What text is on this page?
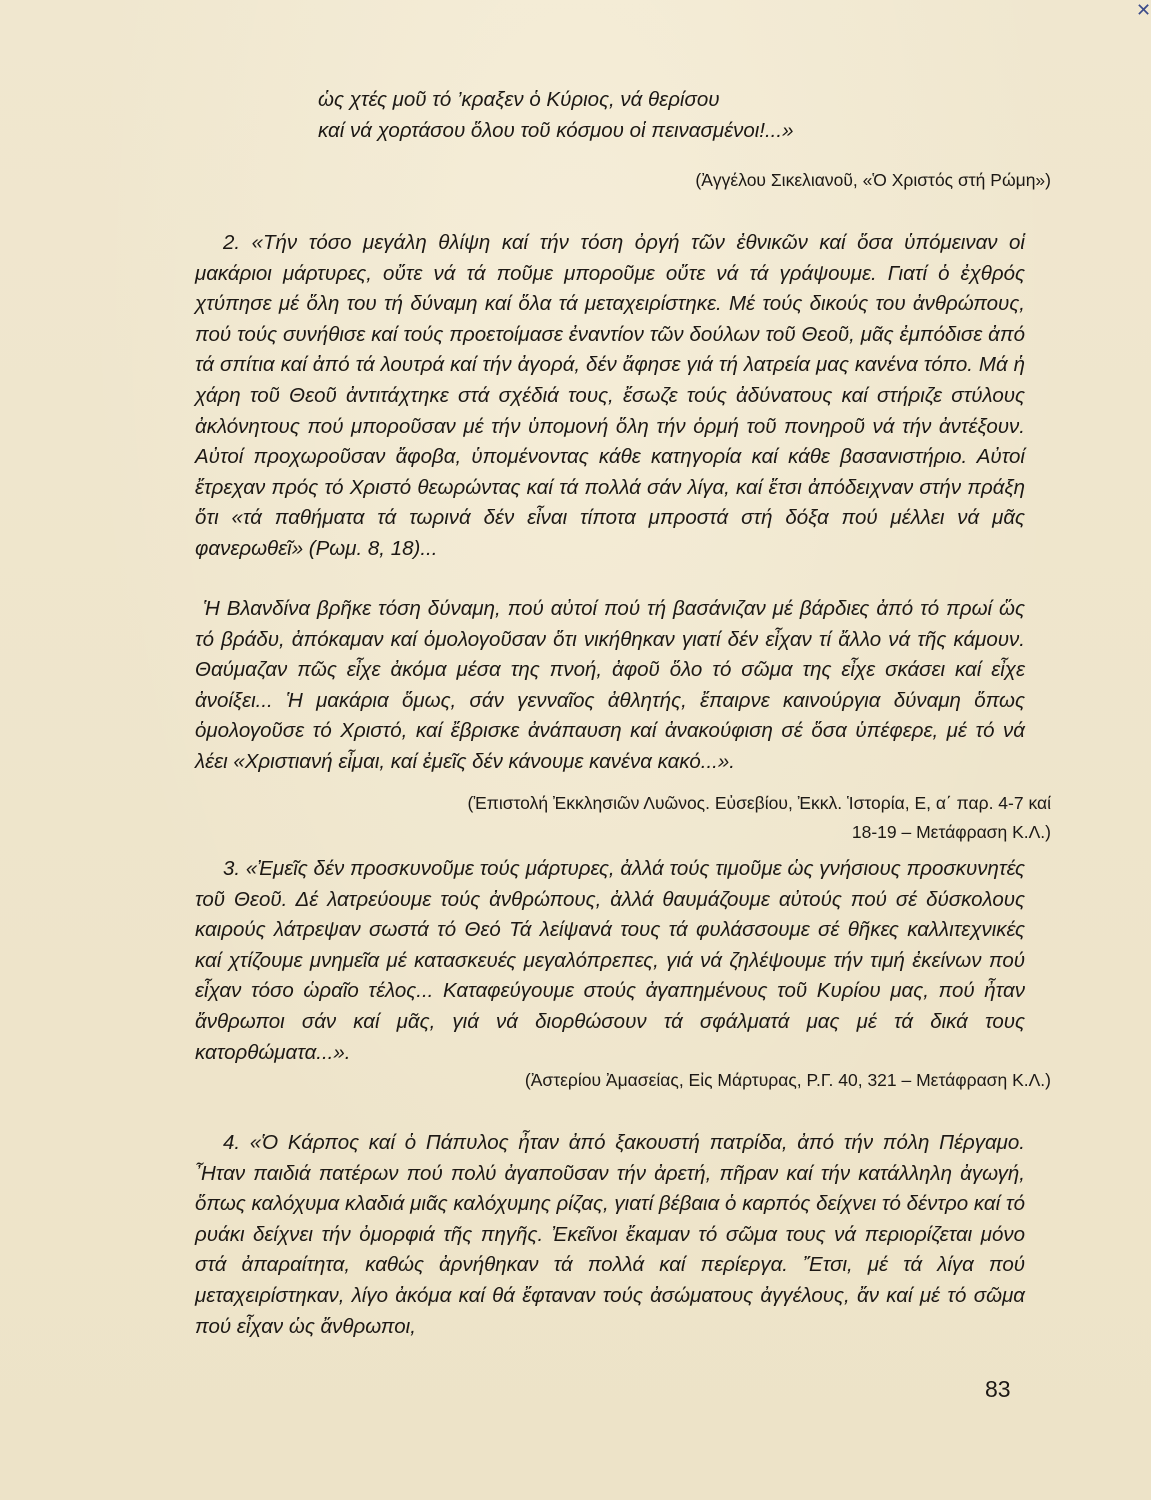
ὡς χτές μοῦ τό ’κραξεν ὁ Κύριος, νά θερίσου
καί νά χορτάσου ὅλου τοῦ κόσμου οἱ πεινασμένοι!...»
(Ἀγγέλου Σικελιανοῦ, «Ὁ Χριστός στή Ρώμη»)
2. «Τήν τόσο μεγάλη θλίψη καί τήν τόση ὀργή τῶν ἐθνικῶν καί ὅσα ὑπόμειναν οἱ μακάριοι μάρτυρες, οὔτε νά τά ποῦμε μποροῦμε οὔτε νά τά γράψουμε. Γιατί ὁ ἐχθρός χτύπησε μέ ὅλη του τή δύναμη καί ὅλα τά μεταχειρίστηκε. Μέ τούς δικούς του ἀνθρώπους, πού τούς συνήθισε καί τούς προετοίμασε ἐναντίον τῶν δούλων τοῦ Θεοῦ, μᾶς ἐμπόδισε ἀπό τά σπίτια καί ἀπό τά λουτρά καί τήν ἀγορά, δέν ἄφησε γιά τή λατρεία μας κανένα τόπο. Μά ἡ χάρη τοῦ Θεοῦ ἀντιτάχτηκε στά σχέδιά τους, ἔσωζε τούς ἀδύνατους καί στήριζε στύλους ἀκλόνητους πού μποροῦσαν μέ τήν ὑπομονή ὅλη τήν ὁρμή τοῦ πονηροῦ νά τήν ἀντέξουν. Αὐτοί προχωροῦσαν ἄφοβα, ὑπομένοντας κάθε κατηγορία καί κάθε βασανιστήριο. Αὐτοί ἔτρεχαν πρός τό Χριστό θεωρώντας καί τά πολλά σάν λίγα, καί ἔτσι ἀπόδειχναν στήν πράξη ὅτι «τά παθήματα τά τωρινά δέν εἶναι τίποτα μπροστά στή δόξα πού μέλλει νά μᾶς φανερωθεῖ» (Ρωμ. 8, 18)...
Ἡ Βλανδίνα βρῆκε τόση δύναμη, πού αὐτοί πού τή βασάνιζαν μέ βάρδιες ἀπό τό πρωί ὥς τό βράδυ, ἀπόκαμαν καί ὁμολογοῦσαν ὅτι νικήθηκαν γιατί δέν εἶχαν τί ἄλλο νά τῆς κάμουν. Θαύμαζαν πῶς εἶχε ἀκόμα μέσα της πνοή, ἀφοῦ ὅλο τό σῶμα της εἶχε σκάσει καί εἶχε ἀνοίξει... Ἡ μακάρια ὅμως, σάν γενναῖος ἀθλητής, ἔπαιρνε καινούργια δύναμη ὅπως ὁμολογοῦσε τό Χριστό, καί ἔβρισκε ἀνάπαυση καί ἀνακούφιση σέ ὅσα ὑπέφερε, μέ τό νά λέει «Χριστιανή εἶμαι, καί ἐμεῖς δέν κάνουμε κανένα κακό...».
(Ἐπιστολή Ἐκκλησιῶν Λυῶνος. Εὐσεβίου, Ἐκκλ. Ἱστορία, Ε, α΄ παρ. 4-7 καί
18-19 – Μετάφραση Κ.Λ.)
3. «Ἐμεῖς δέν προσκυνοῦμε τούς μάρτυρες, ἀλλά τούς τιμοῦμε ὡς γνήσιους προσκυνητές τοῦ Θεοῦ. Δέ λατρεύουμε τούς ἀνθρώπους, ἀλλά θαυμάζουμε αὐτούς πού σέ δύσκολους καιρούς λάτρεψαν σωστά τό Θεό Τά λείψανά τους τά φυλάσσουμε σέ θῆκες καλλιτεχνικές καί χτίζουμε μνημεῖα μέ κατασκευές μεγαλόπρεπες, γιά νά ζηλέψουμε τήν τιμή ἐκείνων πού εἶχαν τόσο ὡραῖο τέλος... Καταφεύγουμε στούς ἀγαπημένους τοῦ Κυρίου μας, πού ἦταν ἄνθρωποι σάν καί μᾶς, γιά νά διορθώσουν τά σφάλματά μας μέ τά δικά τους κατορθώματα...».
(Ἀστερίου Ἀμασείας, Εἰς Μάρτυρας, Ρ.Γ. 40, 321 – Μετάφραση Κ.Λ.)
4. «Ὁ Κάρπος καί ὁ Πάπυλος ἦταν ἀπό ξακουστή πατρίδα, ἀπό τήν πόλη Πέργαμο. Ἦταν παιδιά πατέρων πού πολύ ἀγαποῦσαν τήν ἀρετή, πῆραν καί τήν κατάλληλη ἀγωγή, ὅπως καλόχυμα κλαδιά μιᾶς καλόχυμης ρίζας, γιατί βέβαια ὁ καρπός δείχνει τό δέντρο καί τό ρυάκι δείχνει τήν ὀμορφιά τῆς πηγῆς. Ἐκεῖνοι ἔκαμαν τό σῶμα τους νά περιορίζεται μόνο στά ἀπαραίτητα, καθώς ἀρνήθηκαν τά πολλά καί περίεργα. Ἔτσι, μέ τά λίγα πού μεταχειρίστηκαν, λίγο ἀκόμα καί θά ἔφταναν τούς ἀσώματους ἀγγέλους, ἄν καί μέ τό σῶμα πού εἶχαν ὡς ἄνθρωποι,
83
✕
